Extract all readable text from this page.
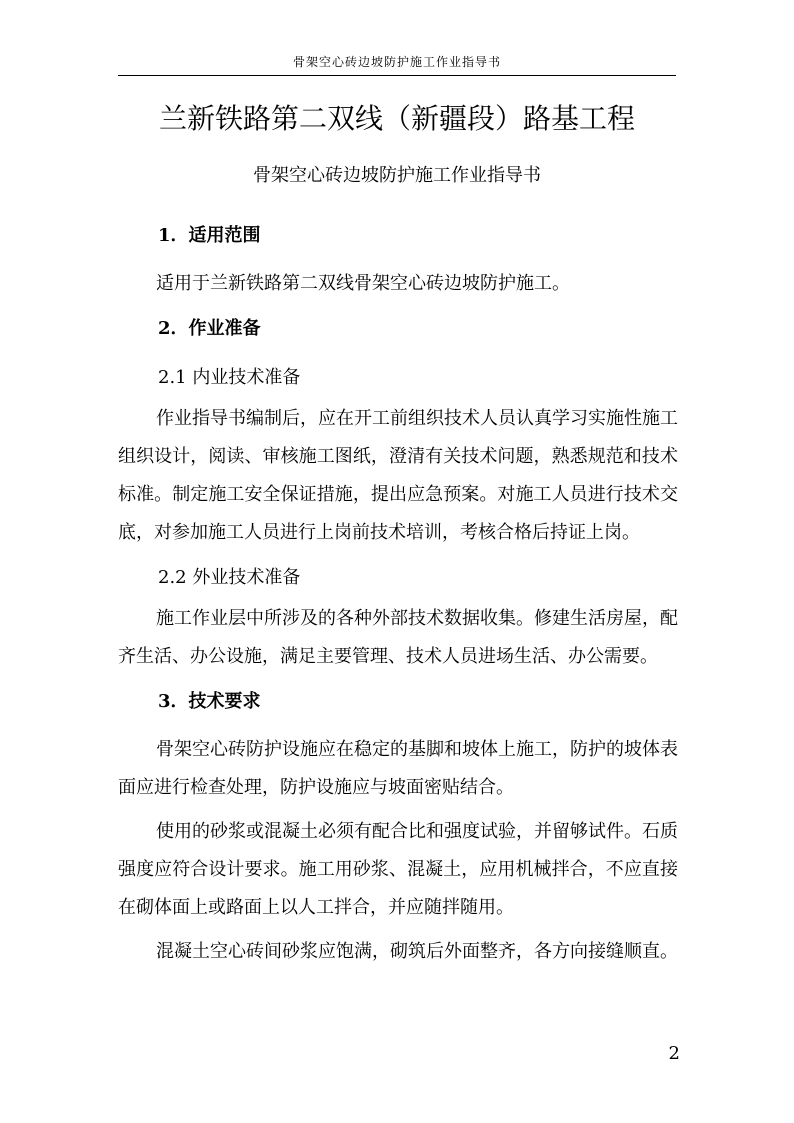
骨架空心砖边坡防护施工作业指导书
兰新铁路第二双线（新疆段）路基工程
骨架空心砖边坡防护施工作业指导书

1．适用范围

适用于兰新铁路第二双线骨架空心砖边坡防护施工。

2．作业准备

2.1 内业技术准备

作业指导书编制后，应在开工前组织技术人员认真学习实施性施工组织设计，阅读、审核施工图纸，澄清有关技术问题，熟悉规范和技术标准。制定施工安全保证措施，提出应急预案。对施工人员进行技术交底，对参加施工人员进行上岗前技术培训，考核合格后持证上岗。

2.2 外业技术准备

施工作业层中所涉及的各种外部技术数据收集。修建生活房屋，配齐生活、办公设施，满足主要管理、技术人员进场生活、办公需要。

3．技术要求

骨架空心砖防护设施应在稳定的基脚和坡体上施工，防护的坡体表面应进行检查处理，防护设施应与坡面密贴结合。

使用的砂浆或混凝土必须有配合比和强度试验，并留够试件。石质强度应符合设计要求。施工用砂浆、混凝土，应用机械拌合，不应直接在砌体面上或路面上以人工拌合，并应随拌随用。

混凝土空心砖间砂浆应饱满，砌筑后外面整齐，各方向接缝顺直。

2
